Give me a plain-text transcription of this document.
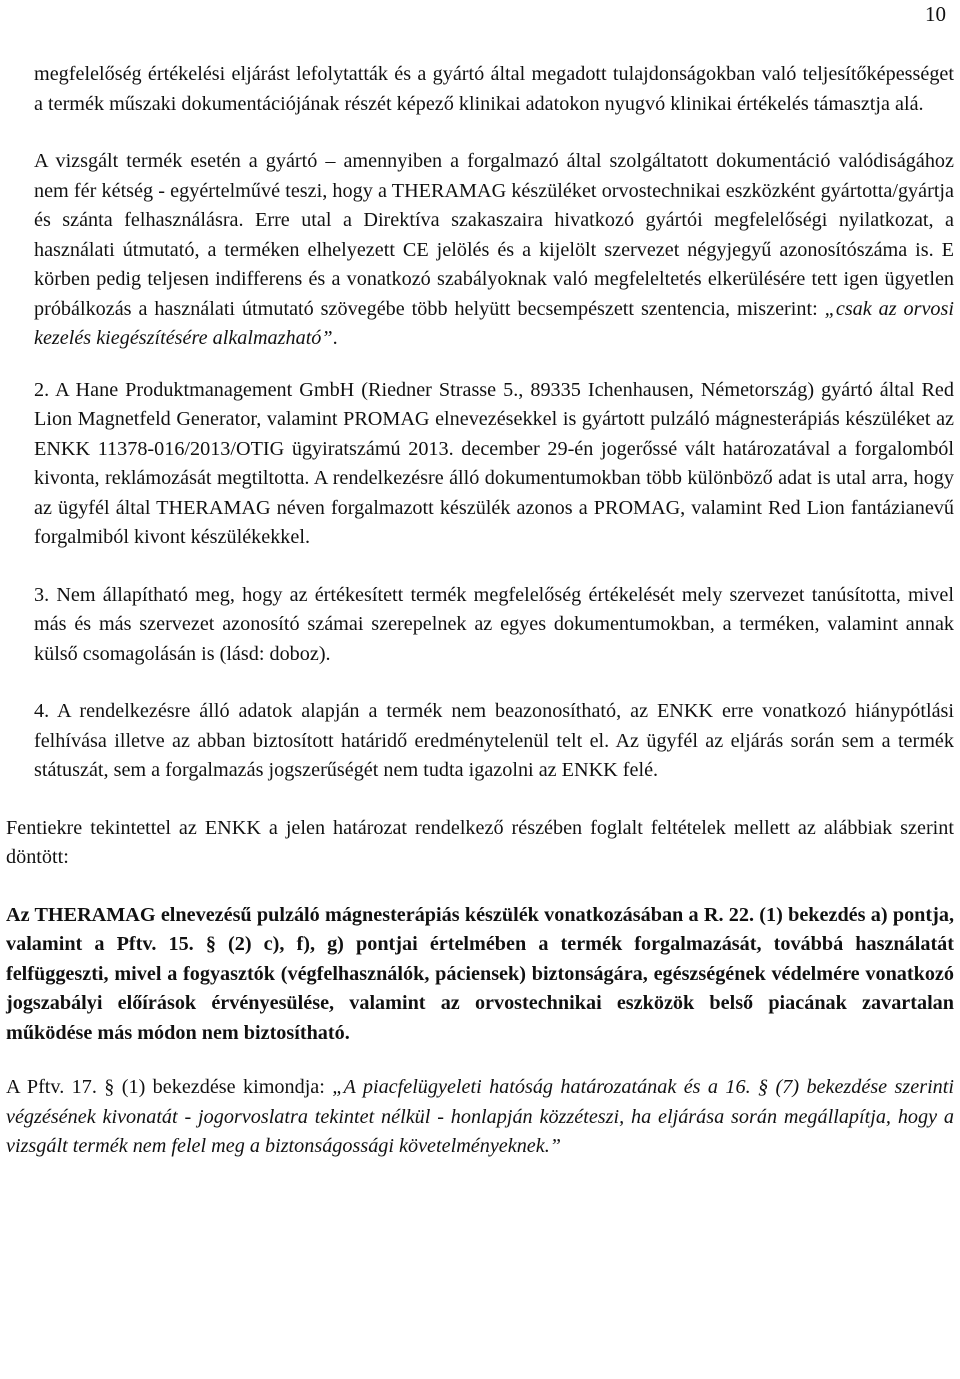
10

megfelelőség értékelési eljárást lefolytatták és a gyártó által megadott tulajdonságokban való teljesítőképességet a termék műszaki dokumentációjának részét képező klinikai adatokon nyugvó klinikai értékelés támasztja alá.

A vizsgált termék esetén a gyártó – amennyiben a forgalmazó által szolgáltatott dokumentáció valódiságához nem fér kétség - egyértelművé teszi, hogy a THERAMAG készüléket orvostechnikai eszközként gyártotta/gyártja és szánta felhasználásra. Erre utal a Direktíva szakaszaira hivatkozó gyártói megfelelőségi nyilatkozat, a használati útmutató, a terméken elhelyezett CE jelölés és a kijelölt szervezet négyjegyű azonosítószáma is. E körben pedig teljesen indifferens és a vonatkozó szabályoknak való megfeleltetés elkerülésére tett igen ügyetlen próbálkozás a használati útmutató szövegébe több helyütt becsempészett szentencia, miszerint: „csak az orvosi kezelés kiegészítésére alkalmazható”.

2. A Hane Produktmanagement GmbH (Riedner Strasse 5., 89335 Ichenhausen, Németország) gyártó által Red Lion Magnetfeld Generator, valamint PROMAG elnevezésekkel is gyártott pulzáló mágnesterápiás készüléket az ENKK 11378-016/2013/OTIG ügyiratszámú 2013. december 29-én jogerőssé vált határozatával a forgalomból kivonta, reklámozását megtiltotta. A rendelkezésre álló dokumentumokban több különböző adat is utal arra, hogy az ügyfél által THERAMAG néven forgalmazott készülék azonos a PROMAG, valamint Red Lion fantázianevű forgalmiból kivont készülékekkel.

3. Nem állapítható meg, hogy az értékesített termék megfelelőség értékelését mely szervezet tanúsította, mivel más és más szervezet azonosító számai szerepelnek az egyes dokumentumokban, a terméken, valamint annak külső csomagolásán is (lásd: doboz).

4. A rendelkezésre álló adatok alapján a termék nem beazonosítható, az ENKK erre vonatkozó hiánypótlási felhívása illetve az abban biztosított határidő eredménytelenül telt el. Az ügyfél az eljárás során sem a termék státuszát, sem a forgalmazás jogszerűségét nem tudta igazolni az ENKK felé.

Fentiekre tekintettel az ENKK a jelen határozat rendelkező részében foglalt feltételek mellett az alábbiak szerint döntött:

Az THERAMAG elnevezésű pulzáló mágnesterápiás készülék vonatkozásában a R. 22. (1) bekezdés a) pontja, valamint a Pftv. 15. § (2) c), f), g) pontjai értelmében a termék forgalmazását, továbbá használatát felfüggeszti, mivel a fogyasztók (végfelhasználók, páciensek) biztonságára, egészségének védelmére vonatkozó jogszabályi előírások érvényesülése, valamint az orvostechnikai eszközök belső piacának zavartalan működése más módon nem biztosítható.

A Pftv. 17. § (1) bekezdése kimondja: „A piacfelügyeleti hatóság határozatának és a 16. § (7) bekezdése szerinti végzésének kivonatát - jogorvoslatra tekintet nélkül - honlapján közzéteszi, ha eljárása során megállapítja, hogy a vizsgált termék nem felel meg a biztonságossági követelményeknek.”
